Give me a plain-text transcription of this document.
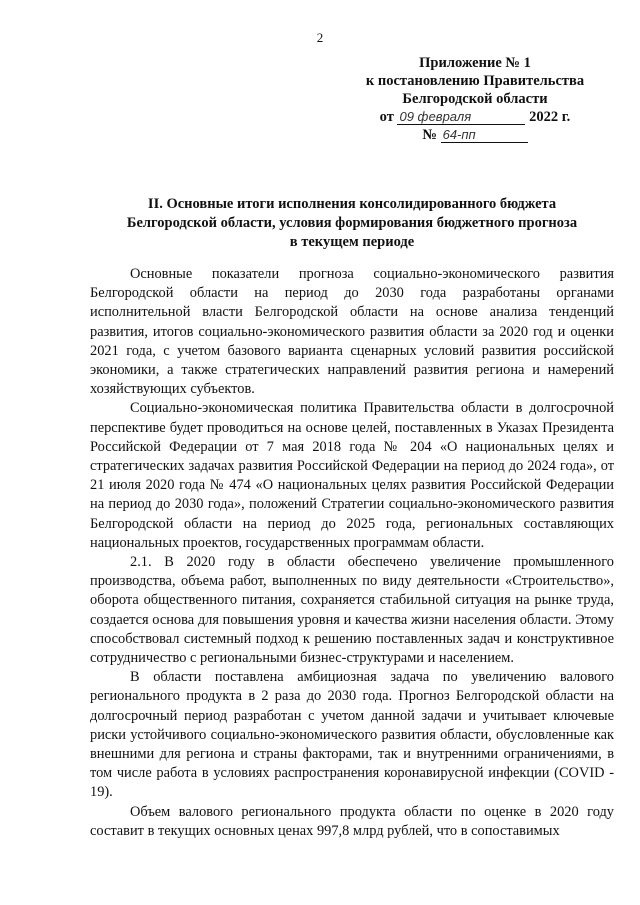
2
Приложение № 1
к постановлению Правительства
Белгородской области
от 09 февраля	2022 г.
№ 64-пп
II. Основные итоги исполнения консолидированного бюджета
Белгородской области, условия формирования бюджетного прогноза
в текущем периоде

Основные показатели прогноза социально-экономического развития Белгородской области на период до 2030 года разработаны органами исполнительной власти Белгородской области на основе анализа тенденций развития, итогов социально-экономического развития области за 2020 год и оценки 2021 года, с учетом базового варианта сценарных условий развития российской экономики, а также стратегических направлений развития региона и намерений хозяйствующих субъектов.

Социально-экономическая политика Правительства области в долгосрочной перспективе будет проводиться на основе целей, поставленных в Указах Президента Российской Федерации от 7 мая 2018 года № 204 «О национальных целях и стратегических задачах развития Российской Федерации на период до 2024 года», от 21 июля 2020 года № 474 «О национальных целях развития Российской Федерации на период до 2030 года», положений Стратегии социально-экономического развития Белгородской области на период до 2025 года, региональных составляющих национальных проектов, государственных программам области.

2.1. В 2020 году в области обеспечено увеличение промышленного производства, объема работ, выполненных по виду деятельности «Строительство», оборота общественного питания, сохраняется стабильной ситуация на рынке труда, создается основа для повышения уровня и качества жизни населения области. Этому способствовал системный подход к решению поставленных задач и конструктивное сотрудничество с региональными бизнес-структурами и населением.

В области поставлена амбициозная задача по увеличению валового регионального продукта в 2 раза до 2030 года. Прогноз Белгородской области на долгосрочный период разработан с учетом данной задачи и учитывает ключевые риски устойчивого социально-экономического развития области, обусловленные как внешними для региона и страны факторами, так и внутренними ограничениями, в том числе работа в условиях распространения коронавирусной инфекции (COVID - 19).

Объем валового регионального продукта области по оценке в 2020 году составит в текущих основных ценах 997,8 млрд рублей, что в сопоставимых
